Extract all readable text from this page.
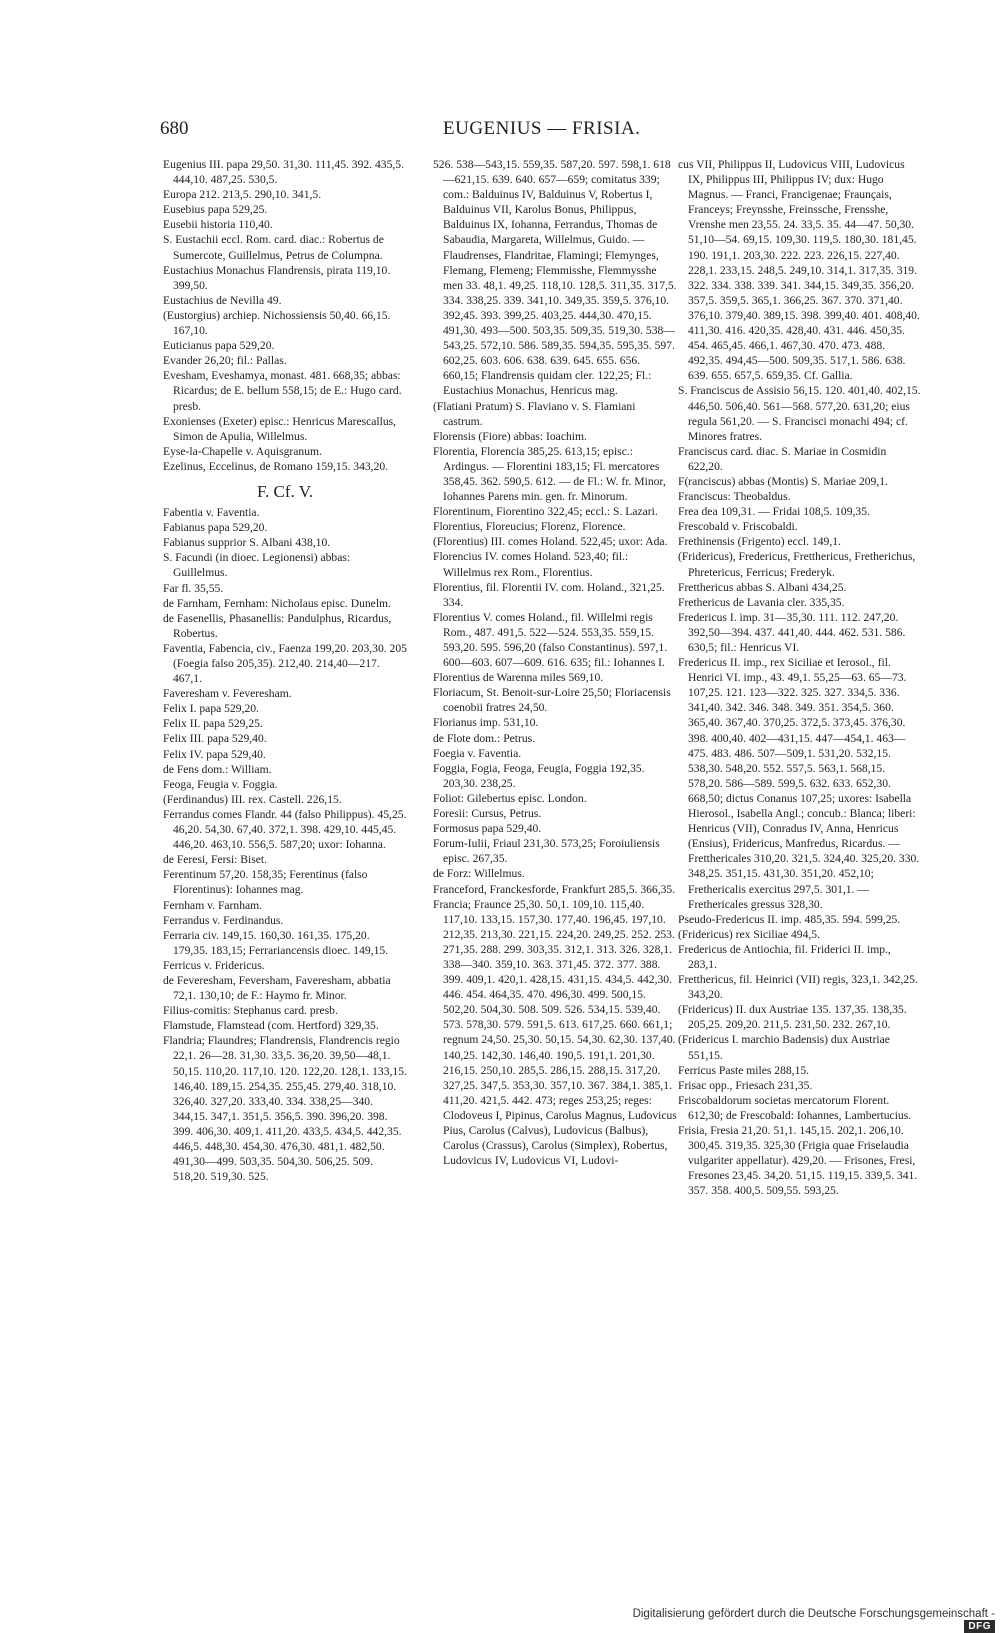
680	EUGENIUS — FRISIA.

Eugenius III. papa 29,50. 31,30. 111,45. 392. 435,5. 444,10. 487,25. 530,5.

Europa 212. 213,5. 290,10. 341,5.

Eusebius papa 529,25.

Eusebii historia 110,40.

S. Eustachii eccl. Rom. card. diac.: Robertus de Sumercote, Guillelmus, Petrus de Columpna.

Eustachius Monachus Flandrensis, pirata 119,10. 399,50.

Eustachius de Nevilla 49.

(Eustorgius) archiep. Nichossiensis 50,40. 66,15. 167,10.

Euticianus papa 529,20.

Evander 26,20; fil.: Pallas.

Evesham, Eveshamya, monast. 481. 668,35; abbas: Ricardus; de E. bellum 558,15; de E.: Hugo card. presb.

Exonienses (Exeter) episc.: Henricus Marescallus, Simon de Apulia, Willelmus.

Eyse-la-Chapelle v. Aquisgranum.

Ezelinus, Eccelinus, de Romano 159,15. 343,20.

F. Cf. V.

Fabentia v. Faventia.

Fabianus papa 529,20.

Fabianus supprior S. Albani 438,10.

S. Facundi (in dioec. Legionensi) abbas: Guillelmus.

Far fl. 35,55.

de Farnham, Fernham: Nicholaus episc. Dunelm.

de Fasenellis, Phasanellis: Pandulphus, Ricardus, Robertus.

Faventia, Fabencia, civ., Faenza 199,20. 203,30. 205 (Foegia falso 205,35). 212,40. 214,40—217. 467,1.

Faveresham v. Feveresham.

Felix I. papa 529,20.

Felix II. papa 529,25.

Felix III. papa 529,40.

Felix IV. papa 529,40.

de Fens dom.: William.

Feoga, Feugia v. Foggia.

(Ferdinandus) III. rex. Castell. 226,15.

Ferrandus comes Flandr. 44 (falso Philippus). 45,25. 46,20. 54,30. 67,40. 372,1. 398. 429,10. 445,45. 446,20. 463,10. 556,5. 587,20; uxor: Iohanna.

de Feresi, Fersi: Biset.

Ferentinum 57,20. 158,35; Ferentinus (falso Florentinus): Iohannes mag.

Fernham v. Farnham.

Ferrandus v. Ferdinandus.

Ferraria civ. 149,15. 160,30. 161,35. 175,20. 179,35. 183,15; Ferrariancensis dioec. 149,15.

Ferricus v. Fridericus.

de Feveresham, Feversham, Faveresham, abbatia 72,1. 130,10; de F.: Haymo fr. Minor.

Filius-comitis: Stephanus card. presb.

Flamstude, Flamstead (com. Hertford) 329,35.

Flandria; Flaundres; Flandrensis, Flandrencis regio 22,1. 26—28. 31,30. 33,5. 36,20. 39,50—48,1. 50,15. 110,20. 117,10. 120. 122,20. 128,1. 133,15. 146,40. 189,15. 254,35. 255,45. 279,40. 318,10. 326,40. 327,20. 333,40. 334. 338,25—340. 344,15. 347,1. 351,5. 356,5. 390. 396,20. 398. 399. 406,30. 409,1. 411,20. 433,5. 434,5. 442,35. 446,5. 448,30. 454,30. 476,30. 481,1. 482,50. 491,30—499. 503,35. 504,30. 506,25. 509. 518,20. 519,30. 525.

526. 538—543,15. 559,35. 587,20. 597. 598,1. 618—621,15. 639. 640. 657—659; comitatus 339; com.: Balduinus IV, Balduinus V, Robertus I, Balduinus VII, Karolus Bonus, Philippus, Balduinus IX, Iohanna, Ferrandus, Thomas de Sabaudia, Margareta, Willelmus, Guido. — Flaudrenses, Flandritae, Flamingi; Flemynges, Flemang, Flemeng; Flemmisshe, Flemmysshe men 33. 48,1. 49,25. 118,10. 128,5. 311,35. 317,5. 334. 338,25. 339. 341,10. 349,35. 359,5. 376,10. 392,45. 393. 399,25. 403,25. 444,30. 470,15. 491,30. 493—500. 503,35. 509,35. 519,30. 538—543,25. 572,10. 586. 589,35. 594,35. 595,35. 597. 602,25. 603. 606. 638. 639. 645. 655. 656. 660,15; Flandrensis quidam cler. 122,25; Fl.: Eustachius Monachus, Henricus mag.

(Flatiani Pratum) S. Flaviano v. S. Flamiani castrum.

Florensis (Fiore) abbas: Ioachim.

Florentia, Florencia 385,25. 613,15; episc.: Ardingus. — Florentini 183,15; Fl. mercatores 358,45. 362. 590,5. 612. — de Fl.: W. fr. Minor, Iohannes Parens min. gen. fr. Minorum.

Florentinum, Fiorentino 322,45; eccl.: S. Lazari.

Florentius, Floreucius; Florenz, Florence.

(Florentius) III. comes Holand. 522,45; uxor: Ada.

Florencius IV. comes Holand. 523,40; fil.: Willelmus rex Rom., Florentius.

Florentius, fil. Florentii IV. com. Holand., 321,25. 334.

Florentius V. comes Holand., fil. Willelmi regis Rom., 487. 491,5. 522—524. 553,35. 559,15. 593,20. 595. 596,20 (falso Constantinus). 597,1. 600—603. 607—609. 616. 635; fil.: Iohannes I.

Florentius de Warenna miles 569,10.

Floriacum, St. Benoit-sur-Loire 25,50; Floriacensis coenobii fratres 24,50.

Florianus imp. 531,10.

de Flote dom.: Petrus.

Foegia v. Faventia.

Foggia, Fogia, Feoga, Feugia, Foggia 192,35. 203,30. 238,25.

Foliot: Gilebertus episc. London.

Foresii: Cursus, Petrus.

Formosus papa 529,40.

Forum-Iulii, Friaul 231,30. 573,25; Foroiuliensis episc. 267,35.

de Forz: Willelmus.

Franceford, Franckesforde, Frankfurt 285,5. 366,35.

Francia; Fraunce 25,30. 50,1. 109,10. 115,40. 117,10. 133,15. 157,30. 177,40. 196,45. 197,10. 212,35. 213,30. 221,15. 224,20. 249,25. 252. 253. 271,35. 288. 299. 303,35. 312,1. 313. 326. 328,1. 338—340. 359,10. 363. 371,45. 372. 377. 388. 399. 409,1. 420,1. 428,15. 431,15. 434,5. 442,30. 446. 454. 464,35. 470. 496,30. 499. 500,15. 502,20. 504,30. 508. 509. 526. 534,15. 539,40. 573. 578,30. 579. 591,5. 613. 617,25. 660. 661,1; regnum 24,50. 25,30. 50,15. 54,30. 62,30. 137,40. 140,25. 142,30. 146,40. 190,5. 191,1. 201,30. 216,15. 250,10. 285,5. 286,15. 288,15. 317,20. 327,25. 347,5. 353,30. 357,10. 367. 384,1. 385,1. 411,20. 421,5. 442. 473; reges 253,25; reges: Clodoveus I, Pipinus, Carolus Magnus, Ludovicus Pius, Carolus (Calvus), Ludovicus (Balbus), Carolus (Crassus), Carolus (Simplex), Robertus, Ludovicus IV, Ludovicus VI, Ludovi-

cus VII, Philippus II, Ludovicus VIII, Ludovicus IX, Philippus III, Philippus IV; dux: Hugo Magnus. — Franci, Francigenae; Fraunçais, Franceys; Freynsshe, Freinssche, Frensshe, Vrenshe men 23,55. 24. 33,5. 35. 44—47. 50,30. 51,10—54. 69,15. 109,30. 119,5. 180,30. 181,45. 190. 191,1. 203,30. 222. 223. 226,15. 227,40. 228,1. 233,15. 248,5. 249,10. 314,1. 317,35. 319. 322. 334. 338. 339. 341. 344,15. 349,35. 356,20. 357,5. 359,5. 365,1. 366,25. 367. 370. 371,40. 376,10. 379,40. 389,15. 398. 399,40. 401. 408,40. 411,30. 416. 420,35. 428,40. 431. 446. 450,35. 454. 465,45. 466,1. 467,30. 470. 473. 488. 492,35. 494,45—500. 509,35. 517,1. 586. 638. 639. 655. 657,5. 659,35. Cf. Gallia.

S. Franciscus de Assisio 56,15. 120. 401,40. 402,15. 446,50. 506,40. 561—568. 577,20. 631,20; eius regula 561,20. — S. Francisci monachi 494; cf. Minores fratres.

Franciscus card. diac. S. Mariae in Cosmidin 622,20.

F(ranciscus) abbas (Montis) S. Mariae 209,1.

Franciscus: Theobaldus.

Frea dea 109,31. — Fridai 108,5. 109,35.

Frescobald v. Friscobaldi.

Frethinensis (Frigento) eccl. 149,1.

(Fridericus), Fredericus, Fretthericus, Fretherichus, Phretericus, Ferricus; Frederyk.

Fretthericus abbas S. Albani 434,25.

Frethericus de Lavania cler. 335,35.

Fredericus I. imp. 31—35,30. 111. 112. 247,20. 392,50—394. 437. 441,40. 444. 462. 531. 586. 630,5; fil.: Henricus VI.

Fredericus II. imp., rex Siciliae et Ierosol., fil. Henrici VI. imp., 43. 49,1. 55,25—63. 65—73. 107,25. 121. 123—322. 325. 327. 334,5. 336. 341,40. 342. 346. 348. 349. 351. 354,5. 360. 365,40. 367,40. 370,25. 372,5. 373,45. 376,30. 398. 400,40. 402—431,15. 447—454,1. 463—475. 483. 486. 507—509,1. 531,20. 532,15. 538,30. 548,20. 552. 557,5. 563,1. 568,15. 578,20. 586—589. 599,5. 632. 633. 652,30. 668,50; dictus Conanus 107,25; uxores: Isabella Hierosol., Isabella Angl.; concub.: Blanca; liberi: Henricus (VII), Conradus IV, Anna, Henricus (Ensius), Fridericus, Manfredus, Ricardus. — Fretthericales 310,20. 321,5. 324,40. 325,20. 330. 348,25. 351,15. 431,30. 351,20. 452,10; Frethericalis exercitus 297,5. 301,1. — Frethericales gressus 328,30.

Pseudo-Fredericus II. imp. 485,35. 594. 599,25.

(Fridericus) rex Siciliae 494,5.

Fredericus de Antiochia, fil. Friderici II. imp., 283,1.

Fretthericus, fil. Heinrici (VII) regis, 323,1. 342,25. 343,20.

(Fridericus) II. dux Austriae 135. 137,35. 138,35. 205,25. 209,20. 211,5. 231,50. 232. 267,10.

(Fridericus I. marchio Badensis) dux Austriae 551,15.

Ferricus Paste miles 288,15.

Frisac opp., Friesach 231,35.

Friscobaldorum societas mercatorum Florent. 612,30; de Frescobald: Iohannes, Lambertucius.

Frisia, Fresia 21,20. 51,1. 145,15. 202,1. 206,10. 300,45. 319,35. 325,30 (Frigia quae Friselaudia vulgariter appellatur). 429,20. — Frisones, Fresi, Fresones 23,45. 34,20. 51,15. 119,15. 339,5. 341. 357. 358. 400,5. 509,55. 593,25.

Digitalisierung gefördert durch die Deutsche Forschungsgemeinschaft - DFG
